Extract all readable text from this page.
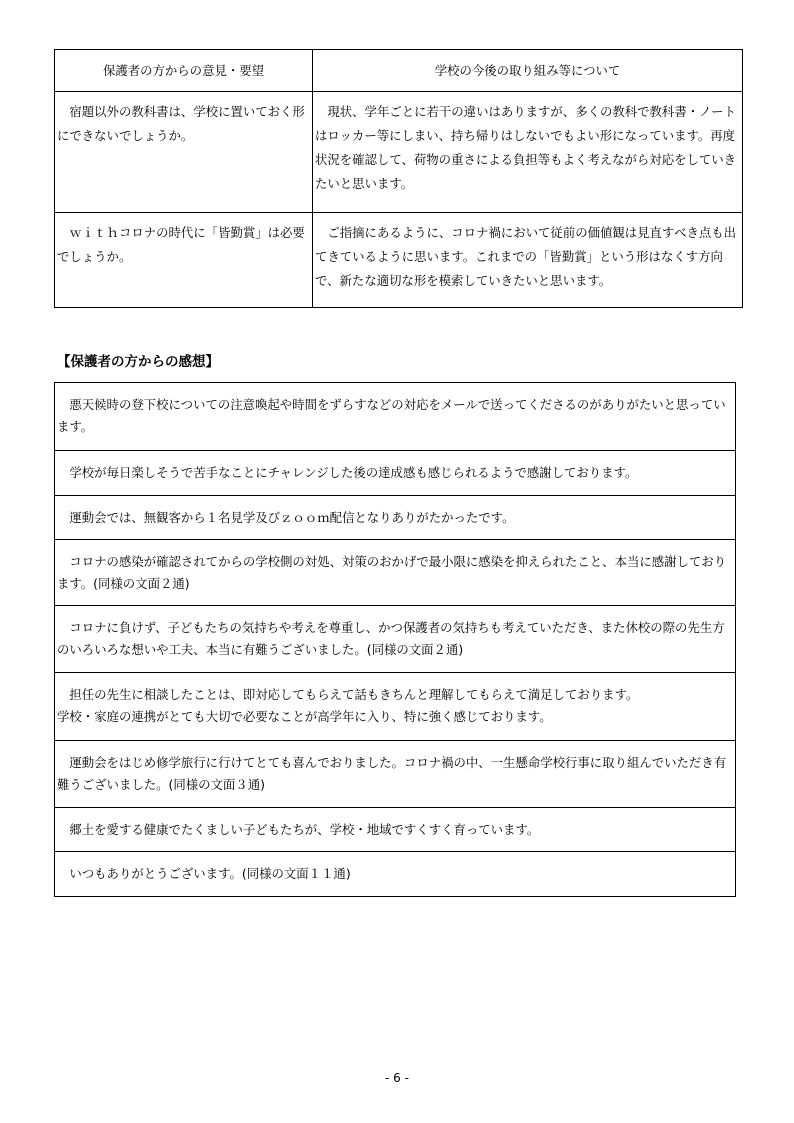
保護者の方からの意見・要望	学校の今後の取り組み等について
　宿題以外の教科書は、学校に置いておく形にできないでしょうか。	　現状、学年ごとに若干の違いはありますが、多くの教科で教科書・ノートはロッカー等にしまい、持ち帰りはしないでもよい形になっています。再度状況を確認して、荷物の重さによる負担等もよく考えながら対応をしていきたいと思います。
　ｗｉｔｈコロナの時代に「皆勤賞」は必要でしょうか。	　ご指摘にあるように、コロナ禍において従前の価値観は見直すべき点も出てきているように思います。これまでの「皆勤賞」という形はなくす方向で、新たな適切な形を模索していきたいと思います。
【保護者の方からの感想】

　悪天候時の登下校についての注意喚起や時間をずらすなどの対応をメールで送ってくださるのがありがたいと思っています。

　学校が毎日楽しそうで苦手なことにチャレンジした後の達成感も感じられるようで感謝しております。

　運動会では、無観客から１名見学及びｚｏｏｍ配信となりありがたかったです。

　コロナの感染が確認されてからの学校側の対処、対策のおかげで最小限に感染を抑えられたこと、本当に感謝しております。(同様の文面２通)

　コロナに負けず、子どもたちの気持ちや考えを尊重し、かつ保護者の気持ちも考えていただき、また休校の際の先生方のいろいろな想いや工夫、本当に有難うございました。(同様の文面２通)

　担任の先生に相談したことは、即対応してもらえて話もきちんと理解してもらえて満足しております。

学校・家庭の連携がとても大切で必要なことが高学年に入り、特に強く感じております。

　運動会をはじめ修学旅行に行けてとても喜んでおりました。コロナ禍の中、一生懸命学校行事に取り組んでいただき有難うございました。(同様の文面３通)

　郷土を愛する健康でたくましい子どもたちが、学校・地域ですくすく育っています。

　いつもありがとうございます。(同様の文面１１通)

- 6 -
